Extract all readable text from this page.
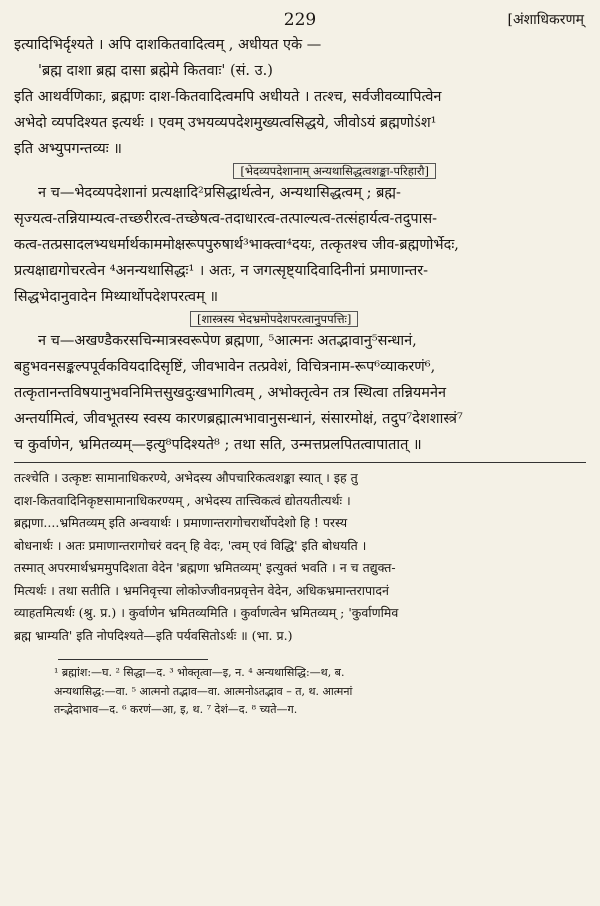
229	[अंशाधिकरणम्
इत्यादिभिर्दृश्यते । अपि दाशकितवादित्वम् , अधीयत एके —
'ब्रह्म दाशा ब्रह्म दासा ब्रह्मेमे कितवाः' (सं. उ.)
इति आथर्वणिकाः, ब्रह्मणः दाश-कितवादित्वमपि अधीयते । तत्श्च, सर्वजीवव्यापित्वेन
अभेदो व्यपदिश्यत इत्यर्थः । एवम् उभयव्यपदेशमुख्यत्वसिद्धये, जीवोऽयं ब्रह्मणोऽंश¹
इति अभ्युपगन्तव्यः ॥
[भेदव्यपदेशानाम् अन्यथासिद्धत्वशङ्का-परिहारौ]
न च—भेदव्यपदेशानां प्रत्यक्षादि²प्रसिद्धार्थत्वेन, अन्यथासिद्धत्वम् ; ब्रह्म-
सृज्यत्व-तन्नियाम्यत्व-तच्छरीरत्व-तच्छेषत्व-तदाधारत्व-तत्पाल्यत्व-तत्संहार्यत्व-तदुपास-
कत्व-तत्प्रसादलभ्यधर्मार्थकाममोक्षरूपपुरुषार्थ³भाक्त्वा⁴दयः, तत्कृतश्च जीव-ब्रह्मणोर्भेदः,
प्रत्यक्षाद्यगोचरत्वेन ⁴अनन्यथासिद्धः¹ । अतः, न जगत्सृष्ट्यादिवादिनीनां प्रमाणान्तर-
सिद्धभेदानुवादेन मिथ्यार्थोपदेशपरत्वम् ॥
[शास्त्रस्य भेदभ्रमोपदेशपरत्वानुपपत्तिः]
न च—अखण्डैकरसचिन्मात्रस्वरूपेण ब्रह्मणा, ⁵आत्मनः अतद्भावानु⁵सन्धानं,
बहुभवनसङ्कल्पपूर्वकवियदादिसृष्टिं, जीवभावेन तत्प्रवेशं, विचित्रनाम-रूप⁶व्याकरणं⁶,
तत्कृतानन्तविषयानुभवनिमित्तसुखदुःखभागित्वम् , अभोक्तृत्वेन तत्र स्थित्वा तन्नियमनेन
अन्तर्यामित्वं, जीवभूतस्य स्वस्य कारणब्रह्मात्मभावानुसन्धानं, संसारमोक्षं, तदुप⁷देशशास्त्रं⁷
च कुर्वाणेन, भ्रमितव्यम्—इत्यु⁸पदिश्यते⁸ ; तथा सति, उन्मत्तप्रलपितत्वापातात् ॥
तत्श्चेति । उत्कृष्टः सामानाधिकरण्ये, अभेदस्य औपचारिकत्वशङ्का स्यात् । इह तु
दाश-कितवादिनिकृष्टसामानाधिकरण्यम् , अभेदस्य तात्त्विकत्वं द्योतयतीत्यर्थः ।
ब्रह्मणा....भ्रमितव्यम् इति अन्वयार्थः । प्रमाणान्तरागोचरार्थोपदेशो हि ! परस्य
बोधनार्थः । अतः प्रमाणान्तरागोचरं वदन् हि वेदः, 'त्वम् एवं विद्धि' इति बोधयति ।
तस्मात् अपरमार्थभ्रममुपदिशता वेदेन 'ब्रह्मणा भ्रमितव्यम्' इत्युक्तं भवति । न च तद्युक्त-
मित्यर्थः । तथा सतीति । भ्रमनिवृत्त्या लोकोज्जीवनप्रवृत्तेन वेदेन, अधिकभ्रमान्तरापादनं
व्याहतमित्यर्थः (श्रु. प्र.) । कुर्वाणेन भ्रमितव्यमिति । कुर्वाणत्वेन भ्रमितव्यम् ; 'कुर्वाणमिव
ब्रह्म भ्राम्यति' इति नोपदिश्यते—इति पर्यवसितोऽर्थः ॥ (भा. प्र.)
¹ ब्रह्मांश:—घ. ² सिद्धा—द. ³ भोक्तृत्वा—इ, न. ⁴ अन्यथासिद्धि:—थ, ब.
अन्यथासिद्ध:—वा. ⁵ आत्मनो तद्भाव—वा. आत्मनोऽतद्भाव – त, थ. आत्मनां
तन्द्भेदाभाव—द. ⁶ करणं—आ, इ, थ. ⁷ देशं—द. ⁸ च्यते—ग.
